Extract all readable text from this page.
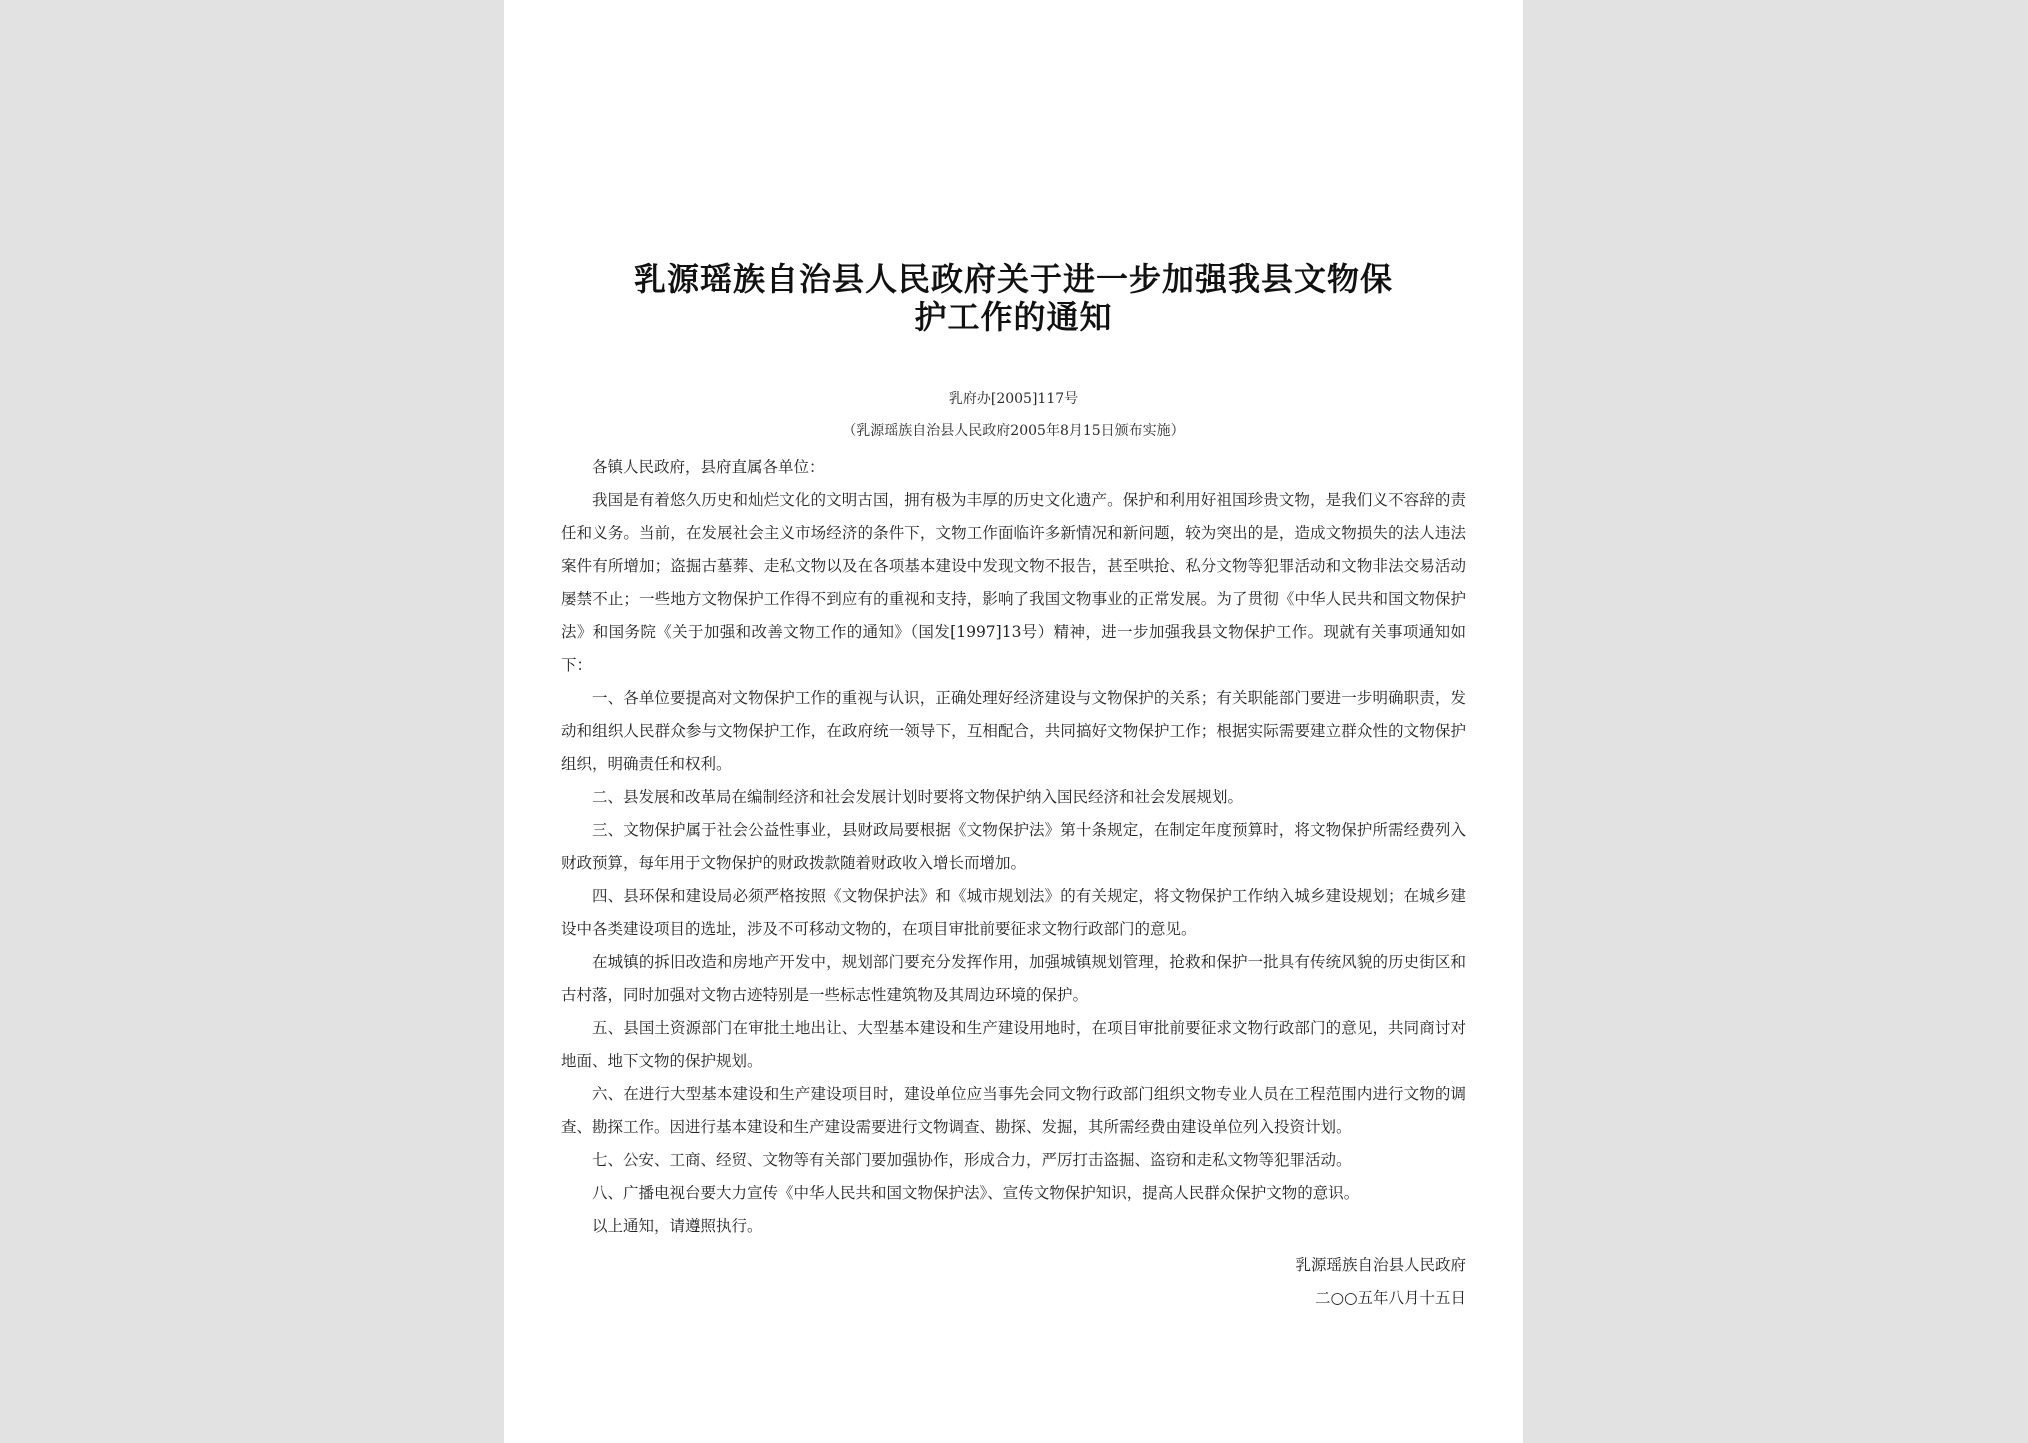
乳源瑶族自治县人民政府关于进一步加强我县文物保
护工作的通知
乳府办[2005]117号
（乳源瑶族自治县人民政府2005年8月15日颁布实施）

各镇人民政府，县府直属各单位：

我国是有着悠久历史和灿烂文化的文明古国，拥有极为丰厚的历史文化遗产。保护和利用好祖国珍贵文物，是我们义不容辞的责任和义务。当前，在发展社会主义市场经济的条件下，文物工作面临许多新情况和新问题，较为突出的是，造成文物损失的法人违法案件有所增加；盗掘古墓葬、走私文物以及在各项基本建设中发现文物不报告，甚至哄抢、私分文物等犯罪活动和文物非法交易活动屡禁不止；一些地方文物保护工作得不到应有的重视和支持，影响了我国文物事业的正常发展。为了贯彻《中华人民共和国文物保护法》和国务院《关于加强和改善文物工作的通知》（国发[1997]13号）精神，进一步加强我县文物保护工作。现就有关事项通知如下：

一、各单位要提高对文物保护工作的重视与认识，正确处理好经济建设与文物保护的关系；有关职能部门要进一步明确职责，发动和组织人民群众参与文物保护工作，在政府统一领导下，互相配合，共同搞好文物保护工作；根据实际需要建立群众性的文物保护组织，明确责任和权利。

二、县发展和改革局在编制经济和社会发展计划时要将文物保护纳入国民经济和社会发展规划。

三、文物保护属于社会公益性事业，县财政局要根据《文物保护法》第十条规定，在制定年度预算时，将文物保护所需经费列入财政预算，每年用于文物保护的财政拨款随着财政收入增长而增加。

四、县环保和建设局必须严格按照《文物保护法》和《城市规划法》的有关规定，将文物保护工作纳入城乡建设规划；在城乡建设中各类建设项目的选址，涉及不可移动文物的，在项目审批前要征求文物行政部门的意见。

在城镇的拆旧改造和房地产开发中，规划部门要充分发挥作用，加强城镇规划管理，抢救和保护一批具有传统风貌的历史街区和古村落，同时加强对文物古迹特别是一些标志性建筑物及其周边环境的保护。

五、县国土资源部门在审批土地出让、大型基本建设和生产建设用地时，在项目审批前要征求文物行政部门的意见，共同商讨对地面、地下文物的保护规划。

六、在进行大型基本建设和生产建设项目时，建设单位应当事先会同文物行政部门组织文物专业人员在工程范围内进行文物的调查、勘探工作。因进行基本建设和生产建设需要进行文物调查、勘探、发掘，其所需经费由建设单位列入投资计划。

七、公安、工商、经贸、文物等有关部门要加强协作，形成合力，严厉打击盗掘、盗窃和走私文物等犯罪活动。

八、广播电视台要大力宣传《中华人民共和国文物保护法》、宣传文物保护知识，提高人民群众保护文物的意识。

以上通知，请遵照执行。

乳源瑶族自治县人民政府
二○○五年八月十五日
